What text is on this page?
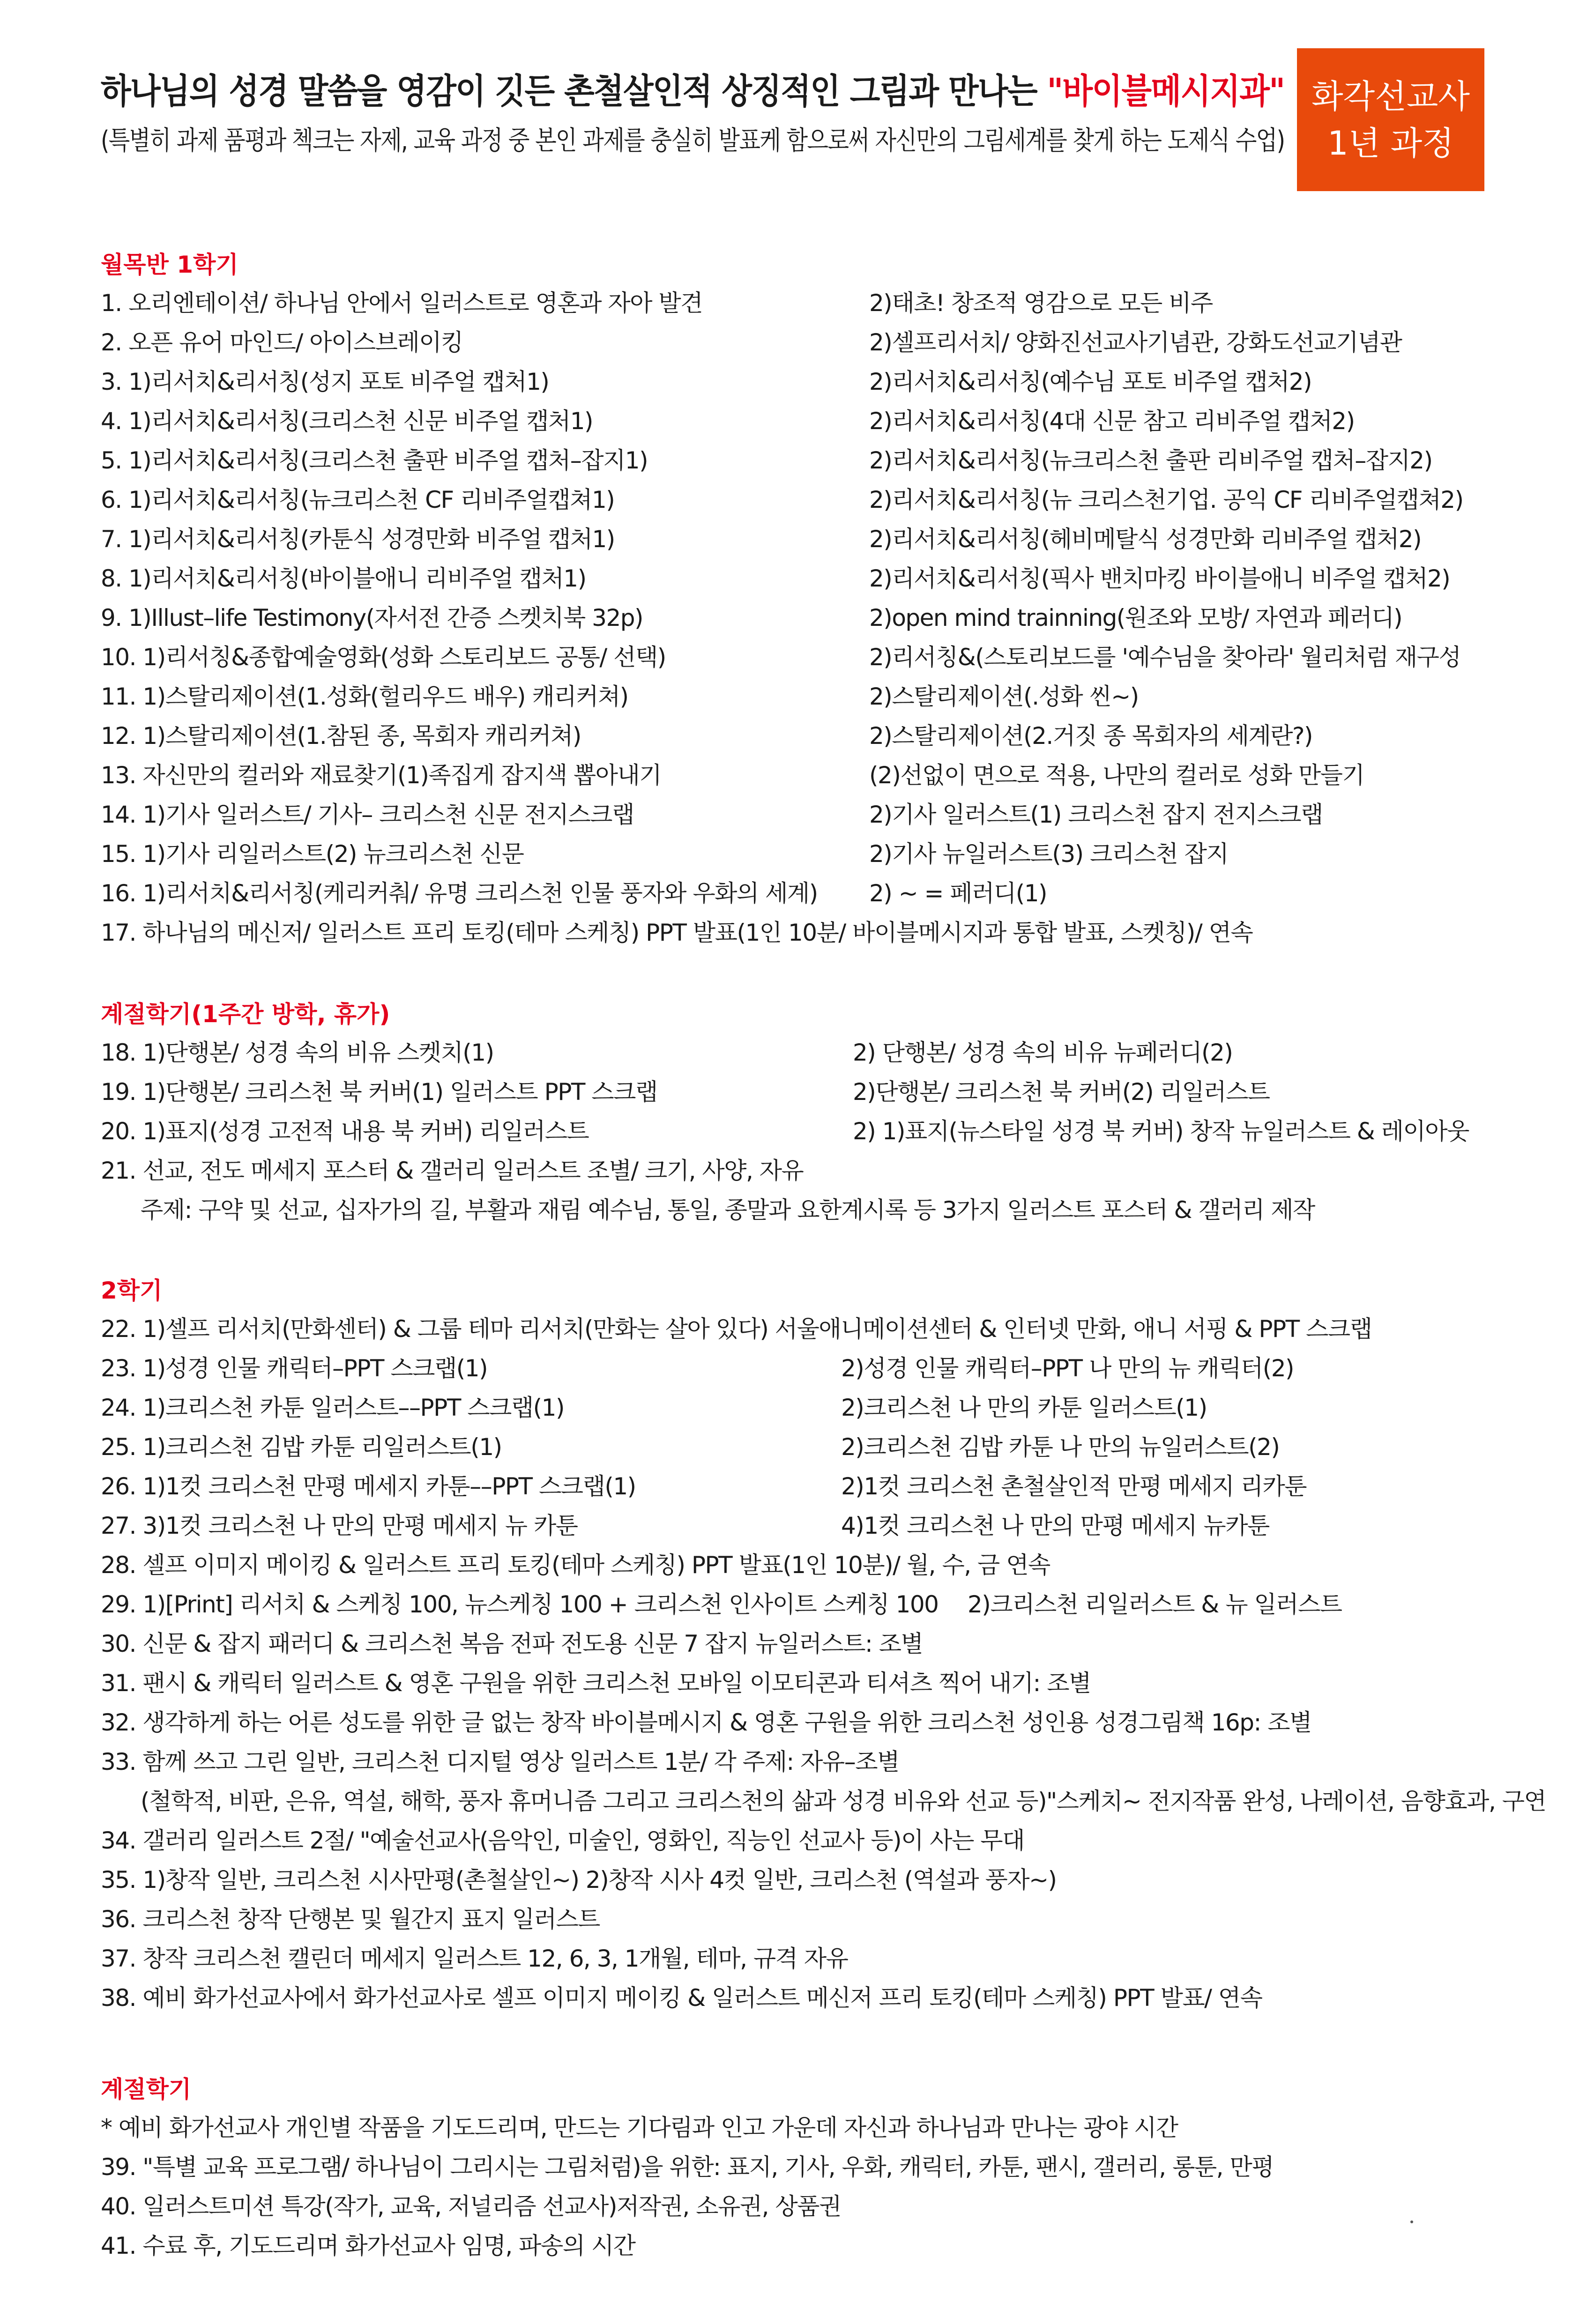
하나님의 성경 말씀을 영감이 깃든 촌철살인적 상징적인 그림과 만나는 "바이블메시지과"
(특별히 과제 품평과 첵크는 자제, 교육 과정 중 본인 과제를 충실히 발표케 함으로써 자신만의 그림세계를 찾게 하는 도제식 수업)
화각선교사
1년 과정
월목반 1학기
1. 오리엔테이션/ 하나님 안에서 일러스트로 영혼과 자아 발견	2)태초! 창조적 영감으로 모든 비주
2. 오픈 유어 마인드/ 아이스브레이킹	2)셀프리서치/ 양화진선교사기념관, 강화도선교기념관
3. 1)리서치&리서칭(성지 포토 비주얼 캡처1)	2)리서치&리서칭(예수님 포토 비주얼 캡처2)
4. 1)리서치&리서칭(크리스천 신문 비주얼 캡처1)	2)리서치&리서칭(4대 신문 참고 리비주얼 캡처2)
5. 1)리서치&리서칭(크리스천 출판 비주얼 캡처–잡지1)	2)리서치&리서칭(뉴크리스천 출판 리비주얼 캡처–잡지2)
6. 1)리서치&리서칭(뉴크리스천 CF 리비주얼캡쳐1)	2)리서치&리서칭(뉴 크리스천기업. 공익 CF 리비주얼캡쳐2)
7. 1)리서치&리서칭(카툰식 성경만화 비주얼 캡처1)	2)리서치&리서칭(헤비메탈식 성경만화 리비주얼 캡처2)
8. 1)리서치&리서칭(바이블애니 리비주얼 캡처1)	2)리서치&리서칭(픽사 밴치마킹 바이블애니 비주얼 캡처2)
9. 1)Illust–life Testimony(자서전 간증 스켓치북 32p)	2)open mind trainning(원조와 모방/ 자연과 페러디)
10. 1)리서칭&종합예술영화(성화 스토리보드 공통/ 선택)	2)리서칭&(스토리보드를 '예수님을 찾아라' 월리처럼 재구성
11. 1)스탈리제이션(1.성화(헐리우드 배우) 캐리커쳐)	2)스탈리제이션(.성화 씬~)
12. 1)스탈리제이션(1.참된 종, 목회자 캐리커쳐)	2)스탈리제이션(2.거짓 종 목회자의 세계란?)
13. 자신만의 컬러와 재료찾기(1)족집게 잡지색 뽑아내기	(2)선없이 면으로 적용, 나만의 컬러로 성화 만들기
14. 1)기사 일러스트/ 기사– 크리스천 신문 전지스크랩	2)기사 일러스트(1) 크리스천 잡지 전지스크랩
15. 1)기사 리일러스트(2) 뉴크리스천 신문	2)기사 뉴일러스트(3) 크리스천 잡지
16. 1)리서치&리서칭(케리커춰/ 유명 크리스천 인물 풍자와 우화의 세계) 2) ~ = 페러디(1)
17. 하나님의 메신저/ 일러스트 프리 토킹(테마 스케칭) PPT 발표(1인 10분/ 바이블메시지과 통합 발표, 스켓칭)/ 연속
계절학기(1주간 방학, 휴가)
18. 1)단행본/ 성경 속의 비유 스켓치(1)	2) 단행본/ 성경 속의 비유 뉴페러디(2)
19. 1)단행본/ 크리스천 북 커버(1) 일러스트 PPT 스크랩	2)단행본/ 크리스천 북 커버(2) 리일러스트
20. 1)표지(성경 고전적 내용 북 커버) 리일러스트	2) 1)표지(뉴스타일 성경 북 커버) 창작 뉴일러스트 & 레이아웃
21. 선교, 전도 메세지 포스터 & 갤러리 일러스트 조별/ 크기, 사양, 자유
주제: 구약 및 선교, 십자가의 길, 부활과 재림 예수님, 통일, 종말과 요한계시록 등 3가지 일러스트 포스터 & 갤러리 제작
2학기
22. 1)셀프 리서치(만화센터) & 그룹 테마 리서치(만화는 살아 있다) 서울애니메이션센터 & 인터넷 만화, 애니 서핑 & PPT 스크랩
23. 1)성경 인물 캐릭터–PPT 스크랩(1)	2)성경 인물 캐릭터–PPT 나 만의 뉴 캐릭터(2)
24. 1)크리스천 카툰 일러스트––PPT 스크랩(1)	2)크리스천 나 만의 카툰 일러스트(1)
25. 1)크리스천 김밥 카툰 리일러스트(1)	2)크리스천 김밥 카툰 나 만의 뉴일러스트(2)
26. 1)1컷 크리스천 만평 메세지 카툰––PPT 스크랩(1)	2)1컷 크리스천 촌철살인적 만평 메세지 리카툰
27. 3)1컷 크리스천 나 만의 만평 메세지 뉴 카툰	4)1컷 크리스천 나 만의 만평 메세지 뉴카툰
28. 셀프 이미지 메이킹 & 일러스트 프리 토킹(테마 스케칭) PPT 발표(1인 10분)/ 월, 수, 금 연속
29. 1)[Print] 리서치 & 스케칭 100, 뉴스케칭 100 + 크리스천 인사이트 스케칭 100 2)크리스천 리일러스트 & 뉴 일러스트
30. 신문 & 잡지 패러디 & 크리스천 복음 전파 전도용 신문 7 잡지 뉴일러스트: 조별
31. 팬시 & 캐릭터 일러스트 & 영혼 구원을 위한 크리스천 모바일 이모티콘과 티셔츠 찍어 내기: 조별
32. 생각하게 하는 어른 성도를 위한 글 없는 창작 바이블메시지 & 영혼 구원을 위한 크리스천 성인용 성경그림책 16p: 조별
33. 함께 쓰고 그린 일반, 크리스천 디지털 영상 일러스트 1분/ 각 주제: 자유–조별
(철학적, 비판, 은유, 역설, 해학, 풍자 휴머니즘 그리고 크리스천의 삶과 성경 비유와 선교 등)"스케치~ 전지작품 완성, 나레이션, 음향효과, 구연
34. 갤러리 일러스트 2절/ "예술선교사(음악인, 미술인, 영화인, 직능인 선교사 등)이 사는 무대
35. 1)창작 일반, 크리스천 시사만평(촌철살인~) 2)창작 시사 4컷 일반, 크리스천 (역설과 풍자~)
36. 크리스천 창작 단행본 및 월간지 표지 일러스트
37. 창작 크리스천 캘린더 메세지 일러스트 12, 6, 3, 1개월, 테마, 규격 자유
38. 예비 화가선교사에서 화가선교사로 셀프 이미지 메이킹 & 일러스트 메신저 프리 토킹(테마 스케칭) PPT 발표/ 연속
계절학기
* 예비 화가선교사 개인별 작품을 기도드리며, 만드는 기다림과 인고 가운데 자신과 하나님과 만나는 광야 시간
39. "특별 교육 프로그램/ 하나님이 그리시는 그림처럼)을 위한: 표지, 기사, 우화, 캐릭터, 카툰, 팬시, 갤러리, 롱툰, 만평
40. 일러스트미션 특강(작가, 교육, 저널리즘 선교사)저작권, 소유권, 상품권
41. 수료 후, 기도드리며 화가선교사 임명, 파송의 시간
